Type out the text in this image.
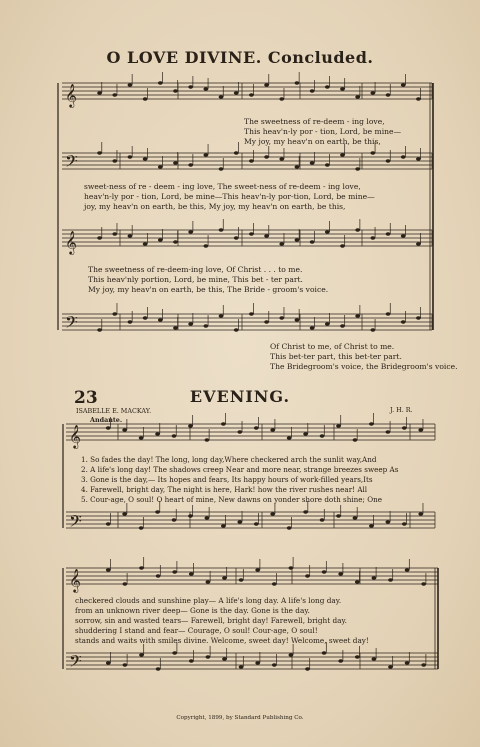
O LOVE DIVINE. Concluded.
𝄞
𝄢
𝄞
𝄢
𝄞
𝄢
𝄞
𝄢
The sweetness of re-deem - ing love,
This heav'n-ly por - tion, Lord, be mine—
My joy, my heav'n on earth, be this,
sweet-ness of re - deem - ing love, The sweet-ness of re-deem - ing love,
heav'n-ly por - tion, Lord, be mine—This heav'n-ly por-tion, Lord, be mine—
joy, my heav'n on earth, be this, My joy, my heav'n on earth, be this,
The sweetness of re-deem-ing love, Of Christ . . . to me.
This heav'nly portion, Lord, be mine, This bet - ter part.
My joy, my heav'n on earth, be this, The Bride - groom's voice.
Of Christ to me, of Christ to me.
This bet-ter part, this bet-ter part.
The Bridegroom's voice, the Bridegroom's voice.
23	EVENING.
ISABELLE E. MACKAY.	J. H. R.
Andante.
1. So fades the day! The long, long day,Where checkered arch the sunlit way,And
2. A life's long day! The shadows creep Near and more near, strange breezes sweep As
3. Gone is the day,— Its hopes and fears, Its happy hours of work-filled years,Its
4. Farewell, bright day, The night is here, Hark! how the river rushes near! All
5. Cour-age, O soul! O heart of mine, New dawns on yonder shore doth shine; One
checkered clouds and sunshine play— A life's long day. A life's long day.
from an unknown river deep— Gone is the day. Gone is the day.
sorrow, sin and wasted tears— Farewell, bright day! Farewell, bright day.
shuddering I stand and fear— Courage, O soul! Cour-age, O soul!
stands and waits with smiles divine. Welcome, sweet day! Welcome, sweet day!
Copyright, 1899, by Standard Publishing Co.
